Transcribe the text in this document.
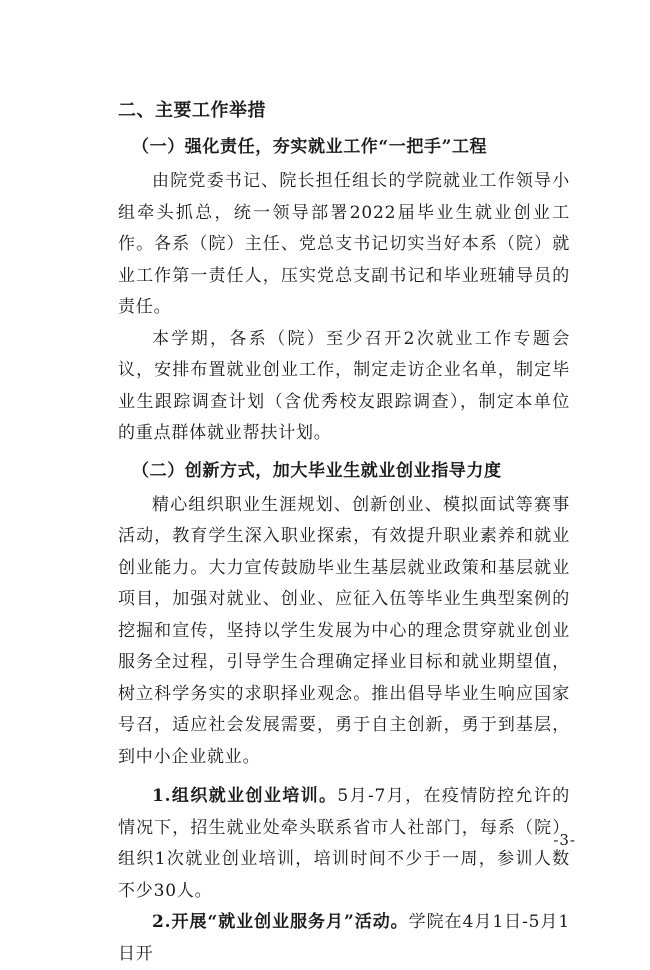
二、主要工作举措
（一）强化责任，夯实就业工作“一把手”工程

由院党委书记、院长担任组长的学院就业工作领导小组牵头抓总，统一领导部署2022届毕业生就业创业工作。各系（院）主任、党总支书记切实当好本系（院）就业工作第一责任人，压实党总支副书记和毕业班辅导员的责任。

本学期，各系（院）至少召开2次就业工作专题会议，安排布置就业创业工作，制定走访企业名单，制定毕业生跟踪调查计划（含优秀校友跟踪调查），制定本单位的重点群体就业帮扶计划。

（二）创新方式，加大毕业生就业创业指导力度

精心组织职业生涯规划、创新创业、模拟面试等赛事活动，教育学生深入职业探索，有效提升职业素养和就业创业能力。大力宣传鼓励毕业生基层就业政策和基层就业项目，加强对就业、创业、应征入伍等毕业生典型案例的挖掘和宣传，坚持以学生发展为中心的理念贯穿就业创业服务全过程，引导学生合理确定择业目标和就业期望值，树立科学务实的求职择业观念。推出倡导毕业生响应国家号召，适应社会发展需要，勇于自主创新，勇于到基层，到中小企业就业。

1.组织就业创业培训。5月-7月，在疫情防控允许的情况下，招生就业处牵头联系省市人社部门，每系（院）组织1次就业创业培训，培训时间不少于一周，参训人数不少30人。

2.开展“就业创业服务月”活动。学院在4月1日-5月1日开

-3-
